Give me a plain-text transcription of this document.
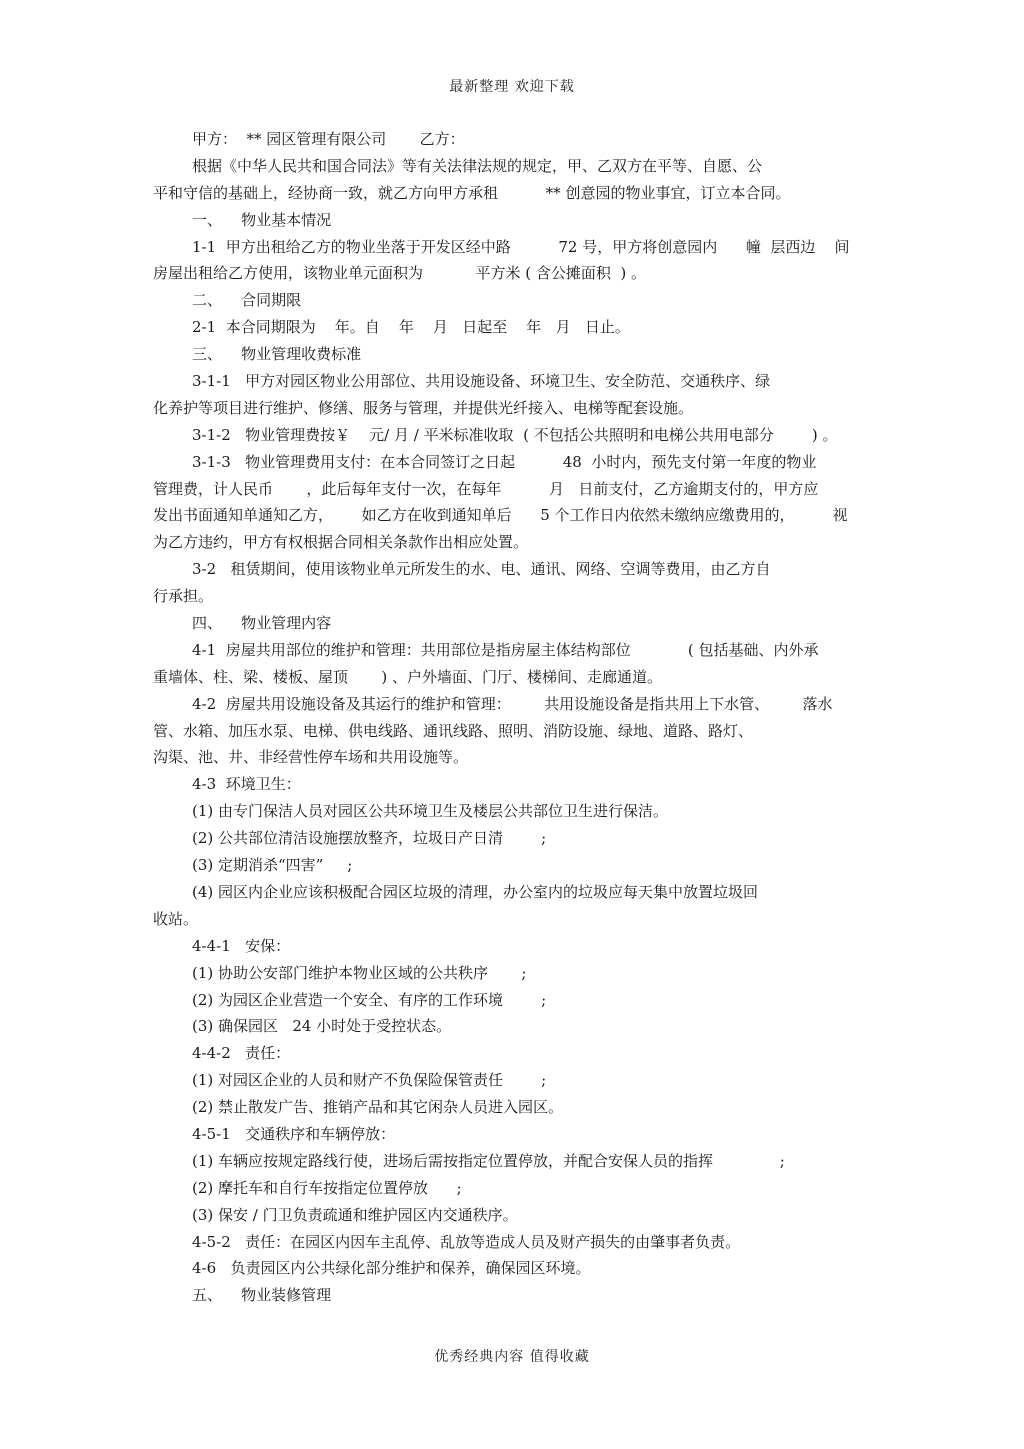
最新整理 欢迎下载
甲方：  ** 园区管理有限公司       乙方：
根据《中华人民共和国合同法》等有关法律法规的规定，甲、乙双方在平等、自愿、公
平和守信的基础上，经协商一致，就乙方向甲方承租          ** 创意园的物业事宜，订立本合同。
一、    物业基本情况
1-1  甲方出租给乙方的物业坐落于开发区经中路          72 号，甲方将创意园内      幢  层西边    间
房屋出租给乙方使用，该物业单元面积为           平方米 ( 含公摊面积  ) 。
二、    合同期限
2-1  本合同期限为    年。自    年    月   日起至    年   月   日止。
三、    物业管理收费标准
3-1-1   甲方对园区物业公用部位、共用设施设备、环境卫生、安全防范、交通秩序、绿
化养护等项目进行维护、修缮、服务与管理，并提供光纤接入、电梯等配套设施。
3-1-2   物业管理费按￥    元/ 月 / 平米标准收取  ( 不包括公共照明和电梯公共用电部分        ) 。
3-1-3   物业管理费用支付：在本合同签订之日起          48  小时内，预先支付第一年度的物业
管理费，计人民币       ，此后每年支付一次，在每年          月   日前支付，乙方逾期支付的，甲方应
发出书面通知单通知乙方，      如乙方在收到通知单后      5 个工作日内依然未缴纳应缴费用的，        视
为乙方违约，甲方有权根据合同相关条款作出相应处置。
3-2   租赁期间，使用该物业单元所发生的水、电、通讯、网络、空调等费用，由乙方自
行承担。
四、    物业管理内容
4-1  房屋共用部位的维护和管理：共用部位是指房屋主体结构部位            ( 包括基础、内外承
重墙体、柱、梁、楼板、屋顶       ) 、户外墙面、门厅、楼梯间、走廊通道。
4-2  房屋共用设施设备及其运行的维护和管理：       共用设施设备是指共用上下水管、       落水
管、水箱、加压水泵、电梯、供电线路、通讯线路、照明、消防设施、绿地、道路、路灯、
沟渠、池、井、非经营性停车场和共用设施等。
4-3  环境卫生：
(1) 由专门保洁人员对园区公共环境卫生及楼层公共部位卫生进行保洁。
(2) 公共部位清洁设施摆放整齐，垃圾日产日清        ;
(3) 定期消杀“四害”     ;
(4) 园区内企业应该积极配合园区垃圾的清理，办公室内的垃圾应每天集中放置垃圾回
收站。
4-4-1   安保：
(1) 协助公安部门维护本物业区域的公共秩序       ;
(2) 为园区企业营造一个安全、有序的工作环境        ;
(3) 确保园区   24 小时处于受控状态。
4-4-2   责任：
(1) 对园区企业的人员和财产不负保险保管责任        ;
(2) 禁止散发广告、推销产品和其它闲杂人员进入园区。
4-5-1   交通秩序和车辆停放：
(1) 车辆应按规定路线行使，进场后需按指定位置停放，并配合安保人员的指挥              ;
(2) 摩托车和自行车按指定位置停放      ;
(3) 保安 / 门卫负责疏通和维护园区内交通秩序。
4-5-2   责任：在园区内因车主乱停、乱放等造成人员及财产损失的由肇事者负责。
4-6   负责园区内公共绿化部分维护和保养，确保园区环境。
五、    物业装修管理
优秀经典内容 值得收藏
